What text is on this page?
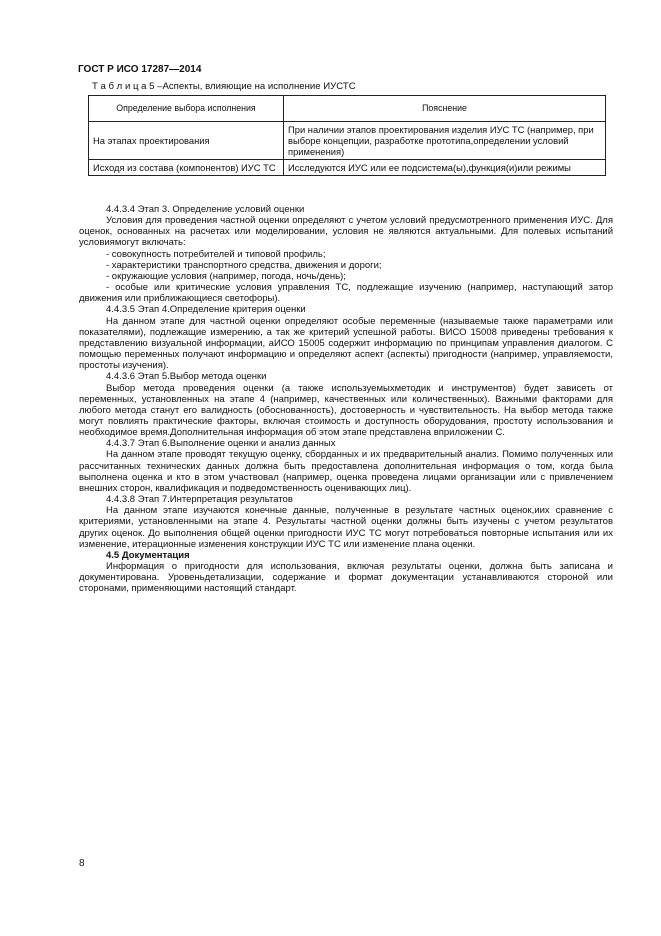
ГОСТ Р ИСО 17287—2014
Т а б л и ц а 5 –Аспекты, влияющие на исполнение ИУСТС
Определение выбора исполнения	Пояснение
На этапах проектирования	При наличии этапов проектирования изделия ИУС ТС (например, при выборе концепции, разработке прототипа,определении условий применения)
Исходя из состава (компонентов) ИУС ТС	Исследуются ИУС или ее подсистема(ы),функция(и)или режимы

4.4.3.4 Этап 3. Определение условий оценки

Условия для проведения частной оценки определяют с учетом условий предусмотренного применения ИУС. Для оценок, основанных на расчетах или моделировании, условия не являются актуальными. Для полевых испытаний условиямогут включать:

- совокупность потребителей и типовой профиль;

- характеристики транспортного средства, движения и дороги;

- окружающие условия (например, погода, ночь/день);

- особые или критические условия управления ТС, подлежащие изучению (например, наступающий затор движения или приближающиеся светофоры).

4.4.3.5 Этап 4.Определение критерия оценки

На данном этапе для частной оценки определяют особые переменные (называемые также параметрами или показателями), подлежащие измерению, а так же критерий успешной работы. ВИСО 15008 приведены требования к представлению визуальной информации, аИСО 15005 содержит информацию по принципам управления диалогом. С помощью переменных получают информацию и определяют аспект (аспекты) пригодности (например, управляемости, простоты изучения).

4.4.3.6 Этап 5.Выбор метода оценки

Выбор метода проведения оценки (а также используемыхметодик и инструментов) будет зависеть от переменных, установленных на этапе 4 (например, качественных или количественных). Важными факторами для любого метода станут его валидность (обоснованность), достоверность и чувствительность. На выбор метода также могут повлиять практические факторы, включая стоимость и доступность оборудования, простоту использования и необходимое время.Дополнительная информация об этом этапе представлена вприложении С.

4.4.3.7 Этап 6.Выполнение оценки и анализ данных

На данном этапе проводят текущую оценку, сборданных и их предварительный анализ. Помимо полученных или рассчитанных технических данных должна быть предоставлена дополнительная информация о том, когда была выполнена оценка и кто в этом участвовал (например, оценка проведена лицами организации или с привлечением внешних сторон, квалификация и подведомственность оценивающих лиц).

4.4.3.8 Этап 7.Интерпретация результатов

На данном этапе изучаются конечные данные, полученные в результате частных оценок,иих сравнение с критериями, установленными на этапе 4. Результаты частной оценки должны быть изучены с учетом результатов других оценок. До выполнения общей оценки пригодности ИУС ТС могут потребоваться повторные испытания или их изменение, итерационные изменения конструкции ИУС ТС или изменение плана оценки.

4.5 Документация

Информация о пригодности для использования, включая результаты оценки, должна быть записана и документирована. Уровеньдетализации, содержание и формат документации устанавливаются стороной или сторонами, применяющими настоящий стандарт.

8
